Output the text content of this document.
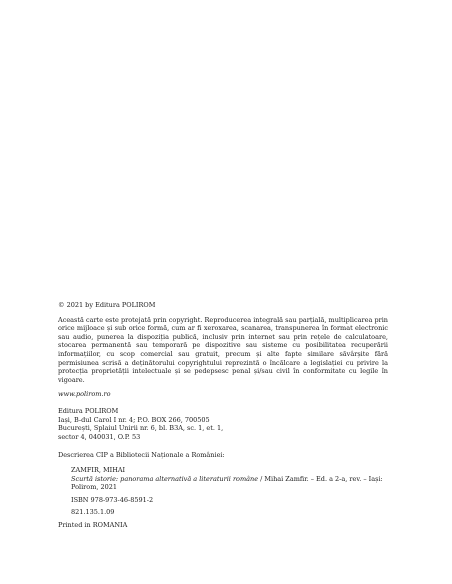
© 2021 by Editura POLIROM

Această carte este protejată prin copyright. Reproducerea integrală sau parțială, multiplicarea prin orice mijloace și sub orice formă, cum ar fi xeroxarea, scanarea, transpunerea în format electronic sau audio, punerea la dispoziția publică, inclusiv prin internet sau prin rețele de calculatoare, stocarea permanentă sau temporară pe dispozitive sau sisteme cu posibilitatea recuperării informațiilor, cu scop comercial sau gratuit, precum și alte fapte similare săvârșite fără permisiunea scrisă a deținătorului copyrightului reprezintă o încălcare a legislației cu privire la protecția proprietății intelectuale și se pedepsesc penal și/sau civil în conformitate cu legile în vigoare.

www.polirom.ro

Editura POLIROM
Iași, B-dul Carol I nr. 4; P.O. BOX 266, 700505
București, Splaiul Unirii nr. 6, bl. B3A, sc. 1, et. 1,
sector 4, 040031, O.P. 53

Descrierea CIP a Bibliotecii Naționale a României:

ZAMFIR, MIHAI

Scurtă istorie: panorama alternativă a literaturii române / Mihai Zamfir. – Ed. a 2-a, rev. – Iași: Polirom, 2021

ISBN 978-973-46-8591-2

821.135.1.09

Printed in ROMANIA
